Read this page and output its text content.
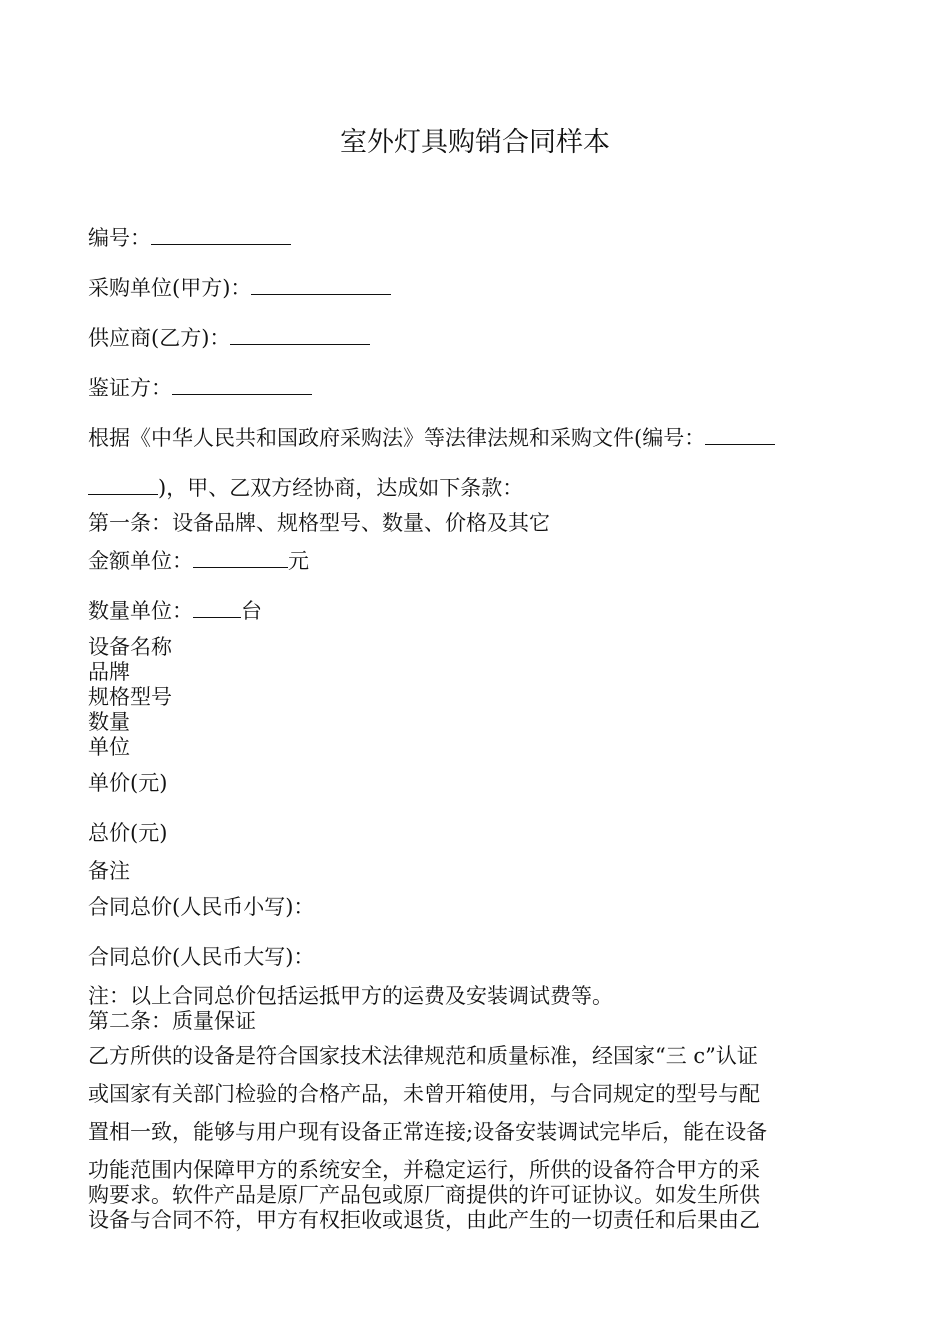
室外灯具购销合同样本
编号：
采购单位(甲方)：
供应商(乙方)：
鉴证方：
根据《中华人民共和国政府采购法》等法律法规和采购文件(编号：
)，甲、乙双方经协商，达成如下条款：
第一条：设备品牌、规格型号、数量、价格及其它
金额单位：	元
数量单位： 台
设备名称
品牌
规格型号
数量
单位
单价(元)
总价(元)
备注
合同总价(人民币小写)：
合同总价(人民币大写)：
注：以上合同总价包括运抵甲方的运费及安装调试费等。
第二条：质量保证
乙方所供的设备是符合国家技术法律规范和质量标准，经国家“三 c”认证
或国家有关部门检验的合格产品，未曾开箱使用，与合同规定的型号与配
置相一致，能够与用户现有设备正常连接;设备安装调试完毕后，能在设备
功能范围内保障甲方的系统安全，并稳定运行，所供的设备符合甲方的采
购要求。软件产品是原厂产品包或原厂商提供的许可证协议。如发生所供
设备与合同不符，甲方有权拒收或退货，由此产生的一切责任和后果由乙
